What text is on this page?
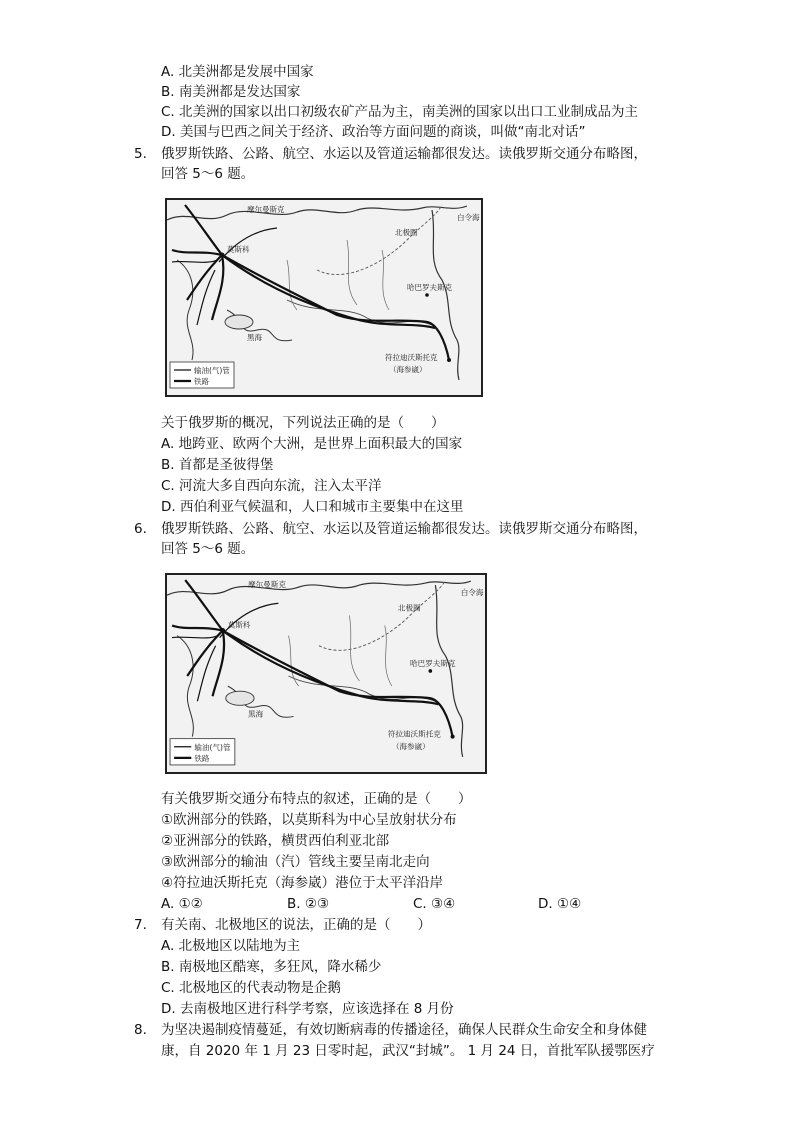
A. 北美洲都是发展中国家
B. 南美洲都是发达国家
C. 北美洲的国家以出口初级农矿产品为主，南美洲的国家以出口工业制成品为主
D. 美国与巴西之间关于经济、政治等方面问题的商谈，叫做“南北对话”
5. 俄罗斯铁路、公路、航空、水运以及管道运输都很发达。读俄罗斯交通分布略图，
回答 5～6 题。
摩尔曼斯克
莫斯科
北极圈
白令海
哈巴罗夫斯克
黑海
符拉迪沃斯托克
（海参崴）
输油(气)管
铁路
关于俄罗斯的概况，下列说法正确的是（　　）
A. 地跨亚、欧两个大洲，是世界上面积最大的国家
B. 首都是圣彼得堡
C. 河流大多自西向东流，注入太平洋
D. 西伯利亚气候温和，人口和城市主要集中在这里
6. 俄罗斯铁路、公路、航空、水运以及管道运输都很发达。读俄罗斯交通分布略图，
回答 5～6 题。
摩尔曼斯克
莫斯科
北极圈
白令海
哈巴罗夫斯克
黑海
符拉迪沃斯托克
（海参崴）
输油(气)管
铁路
有关俄罗斯交通分布特点的叙述，正确的是（　　）
①欧洲部分的铁路，以莫斯科为中心呈放射状分布
②亚洲部分的铁路，横贯西伯利亚北部
③欧洲部分的输油（汽）管线主要呈南北走向
④符拉迪沃斯托克（海参崴）港位于太平洋沿岸
A. ①②	B. ②③	C. ③④	D. ①④
7. 有关南、北极地区的说法，正确的是（　　）
A. 北极地区以陆地为主
B. 南极地区酷寒，多狂风，降水稀少
C. 北极地区的代表动物是企鹅
D. 去南极地区进行科学考察，应该选择在 8 月份
8. 为坚决遏制疫情蔓延，有效切断病毒的传播途径，确保人民群众生命安全和身体健
康，自 2020 年 1 月 23 日零时起，武汉“封城”。 1 月 24 日，首批军队援鄂医疗
